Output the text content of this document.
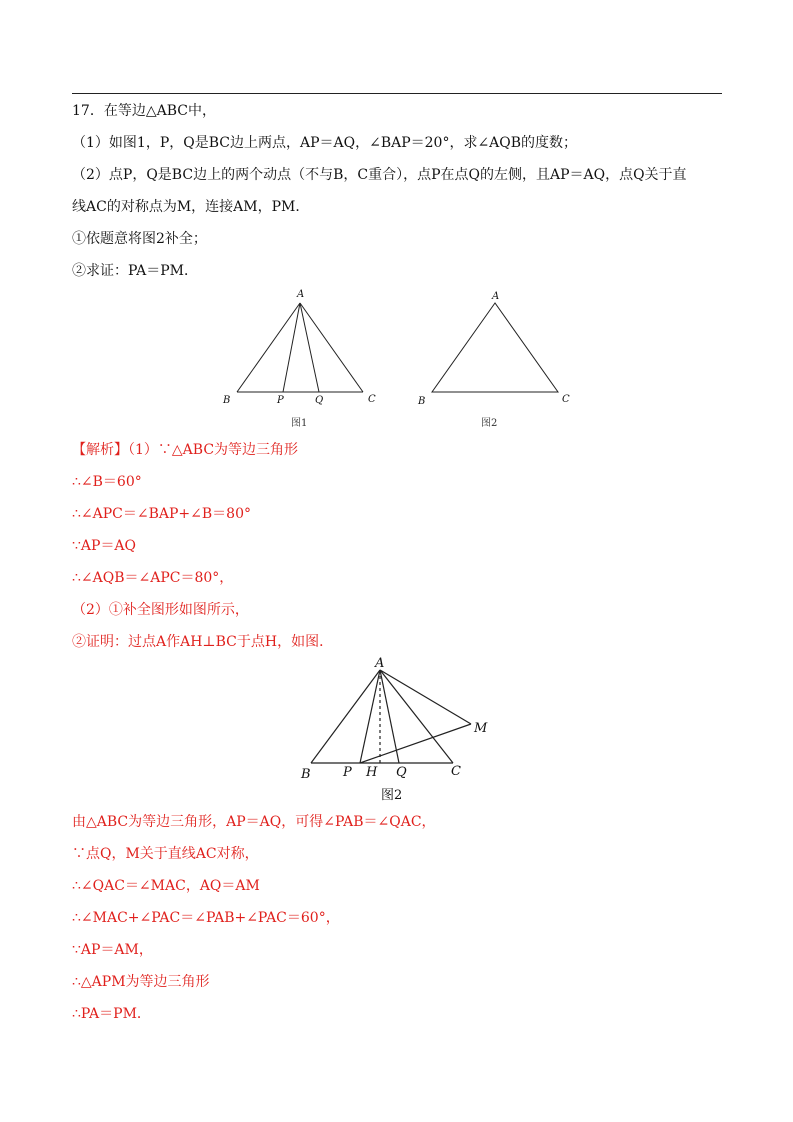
17．在等边△ABC中，
（1）如图1，P，Q是BC边上两点，AP＝AQ，∠BAP＝20°，求∠AQB的度数；
（2）点P，Q是BC边上的两个动点（不与B，C重合），点P在点Q的左侧，且AP＝AQ，点Q关于直
线AC的对称点为M，连接AM，PM．
①依题意将图2补全；
②求证：PA＝PM．
A
B	P	Q	C
图1
A
B	C
图2
【解析】（1）∵△ABC为等边三角形
∴∠B＝60°
∴∠APC＝∠BAP+∠B＝80°
∵AP＝AQ
∴∠AQB＝∠APC＝80°，
（2）①补全图形如图所示，
②证明：过点A作AH⊥BC于点H，如图．
A
B P H Q	C
M
图2
由△ABC为等边三角形，AP＝AQ，可得∠PAB＝∠QAC，
∵点Q，M关于直线AC对称，
∴∠QAC＝∠MAC，AQ＝AM
∴∠MAC+∠PAC＝∠PAB+∠PAC＝60°，
∵AP＝AM，
∴△APM为等边三角形
∴PA＝PM．
